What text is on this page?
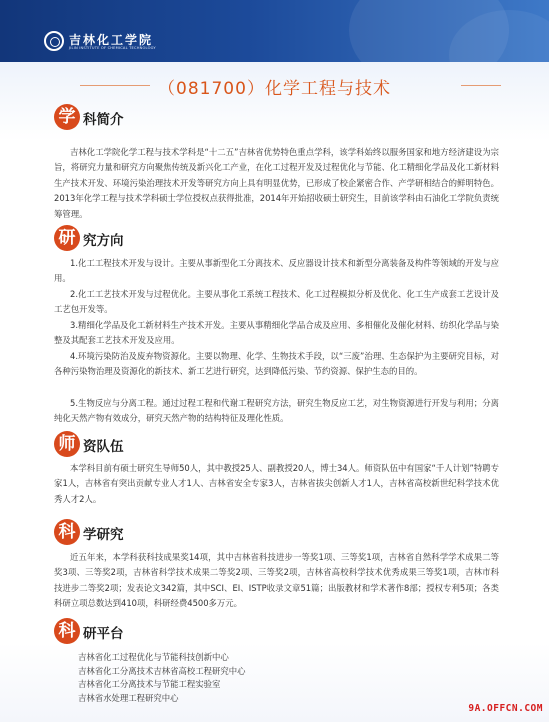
吉林化工学院
JILIN INSTITUTE OF CHEMICAL TECHNOLOGY
（081700）化学工程与技术
学 科简介

吉林化工学院化学工程与技术学科是“十二五”吉林省优势特色重点学科，该学科始终以服务国家和地方经济建设为宗旨，将研究力量和研究方向聚焦传统及新兴化工产业，在化工过程开发及过程优化与节能、化工精细化学品及化工新材料生产技术开发、环境污染治理技术开发等研究方向上具有明显优势，已形成了校企紧密合作、产学研相结合的鲜明特色。2013年化学工程与技术学科硕士学位授权点获得批准，2014年开始招收硕士研究生，目前该学科由石油化工学院负责统筹管理。

研 究方向

1.化工工程技术开发与设计。主要从事新型化工分离技术、反应器设计技术和新型分离装备及构件等领域的开发与应用。

2.化工工艺技术开发与过程优化。主要从事化工系统工程技术、化工过程模拟分析及优化、化工生产成套工艺设计及工艺包开发等。

3.精细化学品及化工新材料生产技术开发。主要从事精细化学品合成及应用、多相催化及催化材料、纺织化学品与染整及其配套工艺技术开发及应用。

4.环境污染防治及废弃物资源化。主要以物理、化学、生物技术手段，以“三废”治理、生态保护为主要研究目标，对各种污染物治理及资源化的新技术、新工艺进行研究，达到降低污染、节约资源、保护生态的目的。

5.生物反应与分离工程。通过过程工程和代谢工程研究方法，研究生物反应工艺，对生物资源进行开发与利用；分离纯化天然产物有效成分，研究天然产物的结构特征及理化性质。

师 资队伍

本学科目前有硕士研究生导师50人，其中教授25人、副教授20人，博士34人。师资队伍中有国家“千人计划”特聘专家1人，吉林省有突出贡献专业人才1人、吉林省安全专家3人，吉林省拔尖创新人才1人，吉林省高校新世纪科学技术优秀人才2人。

科 学研究

近五年来，本学科获科技成果奖14项，其中吉林省科技进步一等奖1项、三等奖1项，吉林省自然科学学术成果二等奖3项、三等奖2项，吉林省科学技术成果二等奖2项、三等奖2项，吉林省高校科学技术优秀成果三等奖1项，吉林市科技进步二等奖2项；发表论文342篇，其中SCI、EI、ISTP收录文章51篇；出版教材和学术著作8部；授权专利5项；各类科研立项总数达到410项，科研经费4500多万元。

科 研平台
吉林省化工过程优化与节能科技创新中心
吉林省化工分离技术吉林省高校工程研究中心
吉林省化工分离技术与节能工程实验室
吉林省水处理工程研究中心
9A.OFFCN.COM
